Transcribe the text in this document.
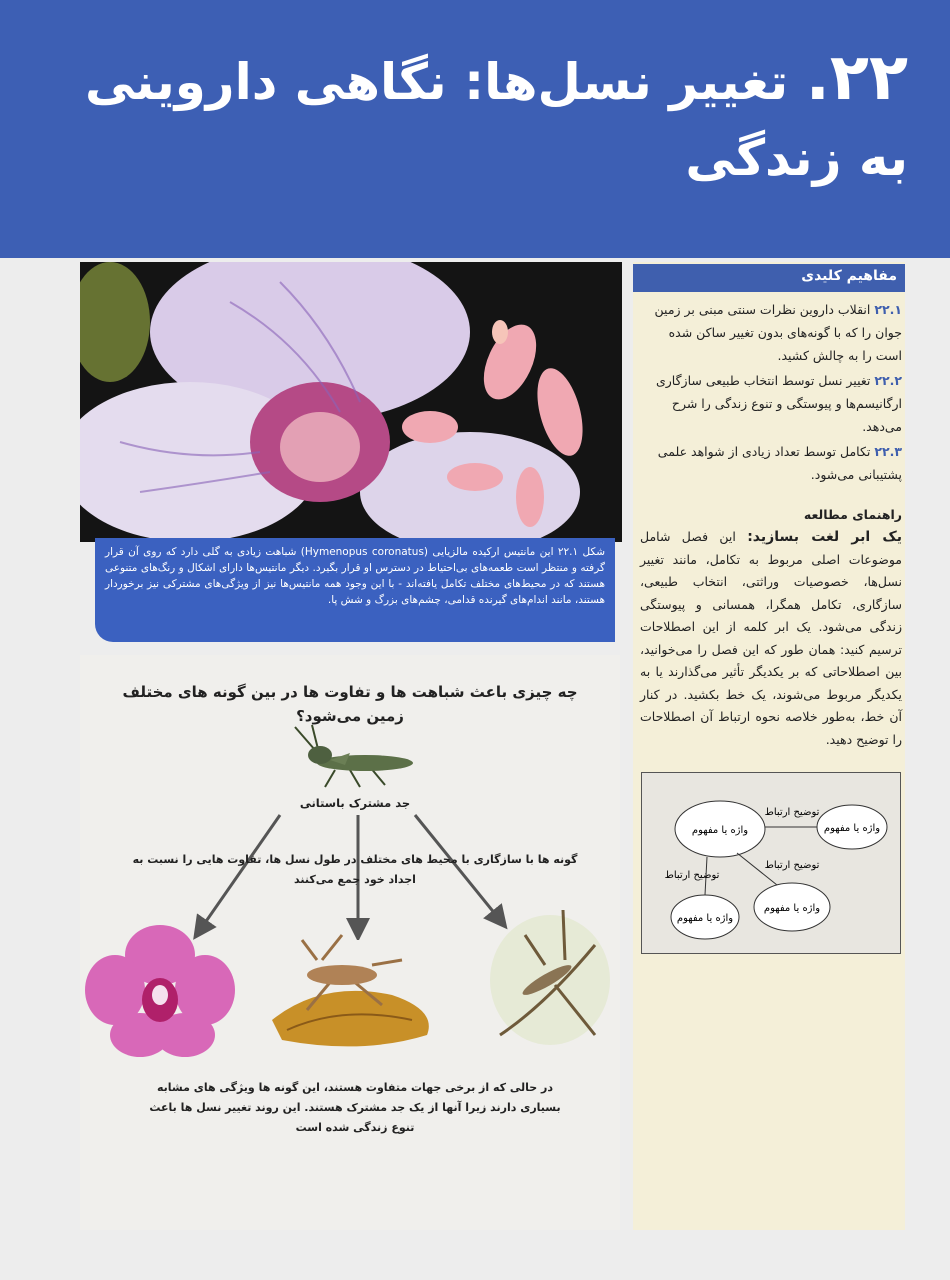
۲۲. تغییر نسل‌ها: نگاهی داروینی به زندگی
شکل ۲۲.۱ این مانتیس ارکیده مالزیایی (Hymenopus coronatus) شباهت زیادی به گلی دارد که روی آن قرار گرفته و منتظر است طعمه‌های بی‌احتیاط در دسترس او قرار بگیرد. دیگر مانتیس‌ها دارای اشکال و رنگ‌های متنوعی هستند که در محیط‌های مختلف تکامل یافته‌اند - با این وجود همه مانتیس‌ها نیز از ویژگی‌های مشترکی نیز برخوردار هستند، مانند اندام‌های گیرنده قدامی، چشم‌های بزرگ و شش پا.
مفاهیم کلیدی
۲۲.۱انقلاب داروین نظرات سنتی مبنی بر زمین جوان را که با گونه‌های بدون تغییر ساکن شده است را به چالش کشید.
۲۲.۲تغییر نسل توسط انتخاب طبیعی سازگاری ارگانیسم‌ها و پیوستگی و تنوع زندگی را شرح می‌دهد.
۲۲.۳تکامل توسط تعداد زیادی از شواهد علمی پشتیبانی می‌شود.
راهنمای مطالعه
یک ابر لغت بسازید: این فصل شامل موضوعات اصلی مربوط به تکامل، مانند تغییر نسل‌ها، خصوصیات وراثتی، انتخاب طبیعی، سازگاری، تکامل همگرا، همسانی و پیوستگی زندگی می‌شود. یک ابر کلمه از این اصطلاحات ترسیم کنید: همان طور که این فصل را می‌خوانید، بین اصطلاحاتی که بر یکدیگر تأثیر می‌گذارند یا به یکدیگر مربوط می‌شوند، یک خط بکشید. در کنار آن خط، به‌طور خلاصه نحوه ارتباط آن اصطلاحات را توضیح دهید.
واژه یا مفهوم
واژه یا مفهوم
واژه یا مفهوم
واژه یا مفهوم
توضیح ارتباط
توضیح ارتباط
توضیح ارتباط
چه چیزی باعث شباهت ها و تفاوت ها در بین گونه های مختلف زمین می‌شود؟
جد مشترک باستانی
گونه ها با سازگاری با محیط های مختلف در طول نسل ها، تفاوت هایی را نسبت به اجداد خود جمع می‌کنند
در حالی که از برخی جهات متفاوت هستند، این گونه ها ویژگی های مشابه بسیاری دارند زیرا آنها از یک جد مشترک هستند. این روند تغییر نسل ها باعث تنوع زندگی شده است
